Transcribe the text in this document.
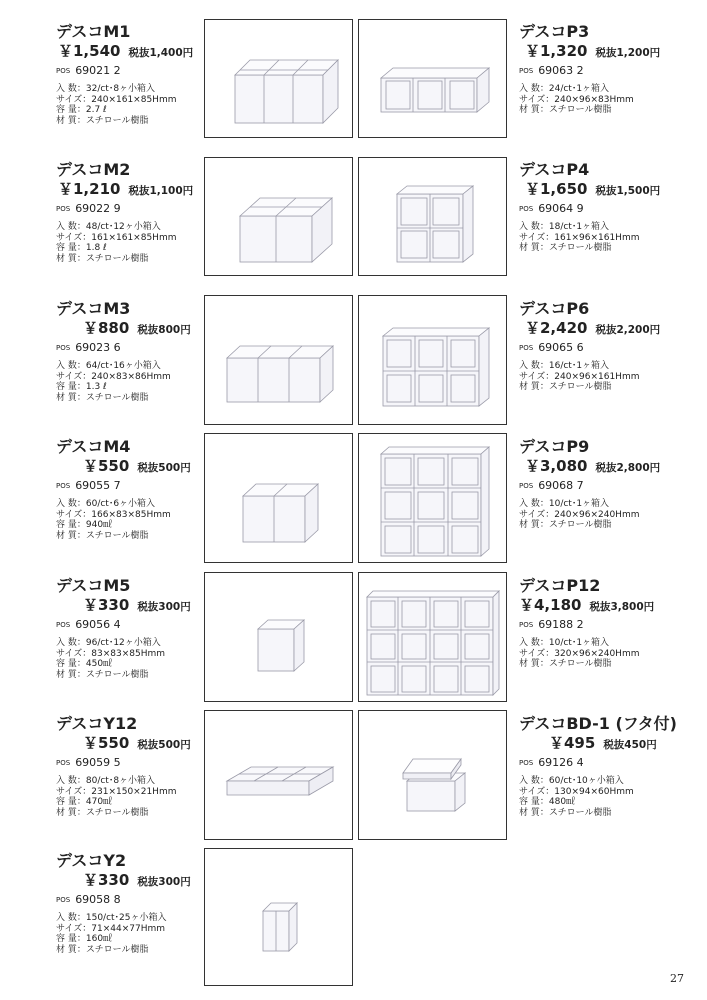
デスコM1
￥1,540 税抜1,400円
$^{POS}$ 69021 2
入 数：32/ct･8ヶ小箱入
サイズ：240×161×85Hmm
容 量：2.7 ℓ
材 質：スチロール樹脂
デスコM2
￥1,210 税抜1,100円
$^{POS}$ 69022 9
入 数：48/ct･12ヶ小箱入
サイズ：161×161×85Hmm
容 量：1.8 ℓ
材 質：スチロール樹脂
デスコM3
￥880 税抜800円
$^{POS}$ 69023 6
入 数：64/ct･16ヶ小箱入
サイズ：240×83×86Hmm
容 量：1.3 ℓ
材 質：スチロール樹脂
デスコM4
￥550 税抜500円
$^{POS}$ 69055 7
入 数：60/ct･6ヶ小箱入
サイズ：166×83×85Hmm
容 量：940㎖
材 質：スチロール樹脂
デスコM5
￥330 税抜300円
$^{POS}$ 69056 4
入 数：96/ct･12ヶ小箱入
サイズ：83×83×85Hmm
容 量：450㎖
材 質：スチロール樹脂
デスコY12
￥550 税抜500円
$^{POS}$ 69059 5
入 数：80/ct･8ヶ小箱入
サイズ：231×150×21Hmm
容 量：470㎖
材 質：スチロール樹脂
デスコY2
￥330 税抜300円
$^{POS}$ 69058 8
入 数：150/ct･25ヶ小箱入
サイズ：71×44×77Hmm
容 量：160㎖
材 質：スチロール樹脂
デスコP3
￥1,320 税抜1,200円
$^{POS}$ 69063 2
入 数：24/ct･1ヶ箱入
サイズ：240×96×83Hmm
材 質：スチロール樹脂
デスコP4
￥1,650 税抜1,500円
$^{POS}$ 69064 9
入 数：18/ct･1ヶ箱入
サイズ：161×96×161Hmm
材 質：スチロール樹脂
デスコP6
￥2,420 税抜2,200円
$^{POS}$ 69065 6
入 数：16/ct･1ヶ箱入
サイズ：240×96×161Hmm
材 質：スチロール樹脂
デスコP9
￥3,080 税抜2,800円
$^{POS}$ 69068 7
入 数：10/ct･1ヶ箱入
サイズ：240×96×240Hmm
材 質：スチロール樹脂
デスコP12
￥4,180 税抜3,800円
$^{POS}$ 69188 2
入 数：10/ct･1ヶ箱入
サイズ：320×96×240Hmm
材 質：スチロール樹脂
デスコBD-1 (フタ付)
￥495 税抜450円
$^{POS}$ 69126 4
入 数：60/ct･10ヶ小箱入
サイズ：130×94×60Hmm
容 量：480㎖
材 質：スチロール樹脂
27
